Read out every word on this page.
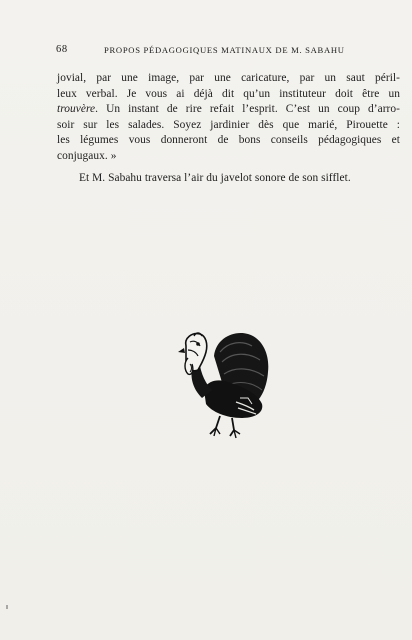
68	PROPOS PÉDAGOGIQUES MATINAUX DE M. SABAHU

jovial, par une image, par une caricature, par un saut péril-
leux verbal. Je vous ai déjà dit qu’un instituteur doit être un
trouvère. Un instant de rire refait l’esprit. C’est un coup d’arro-
soir sur les salades. Soyez jardinier dès que marié, Pirouette :
les légumes vous donneront de bons conseils pédagogiques et
conjugaux. »

Et M. Sabahu traversa l’air du javelot sonore de son sifflet.
